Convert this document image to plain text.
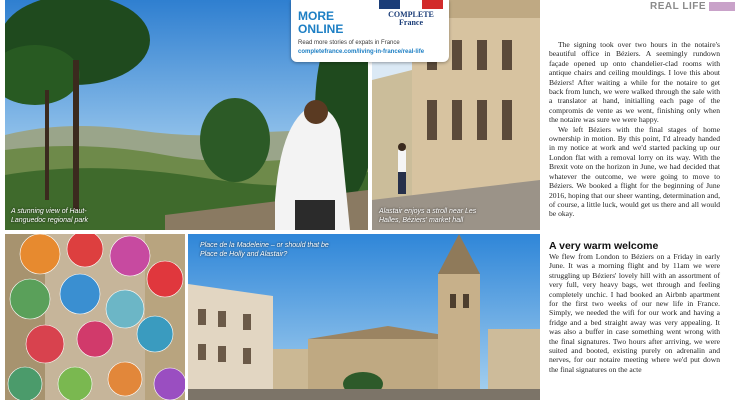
A stunning view of Haut-Languedoc regional park
Alastair enjoys a stroll near Les Halles, Béziers' market hall
MORE
ONLINE
COMPLETE
France
Read more stories of expats in France
completefrance.com/living-in-france/real-life
Place de la Madeleine – or should that be Place de Holly and Alastair?
REAL LIFE

The signing took over two hours in the notaire's beautiful office in Béziers. A seemingly rundown façade opened up onto chandelier-clad rooms with antique chairs and ceiling mouldings. I love this about Béziers! After waiting a while for the notaire to get back from lunch, we were walked through the sale with a translator at hand, initialling each page of the compromis de vente as we went, finishing only when the notaire was sure we were happy.

We left Béziers with the final stages of home ownership in motion. By this point, I'd already handed in my notice at work and we'd started packing up our London flat with a removal lorry on its way. With the Brexit vote on the horizon in June, we had decided that whatever the outcome, we were going to move to Béziers. We booked a flight for the beginning of June 2016, hoping that our sheer wanting, determination and, of course, a little luck, would get us there and all would be okay.

A very warm welcome

We flew from London to Béziers on a Friday in early June. It was a morning flight and by 11am we were struggling up Béziers' lovely hill with an assortment of very full, very heavy bags, wet through and feeling completely unchic. I had booked an Airbnb apartment for the first two weeks of our new life in France. Simply, we needed the wifi for our work and having a fridge and a bed straight away was very appealing. It was also a buffer in case something went wrong with the final signatures. Two hours after arriving, we were suited and booted, existing purely on adrenalin and nerves, for our notaire meeting where we'd put down the final signatures on the acte
